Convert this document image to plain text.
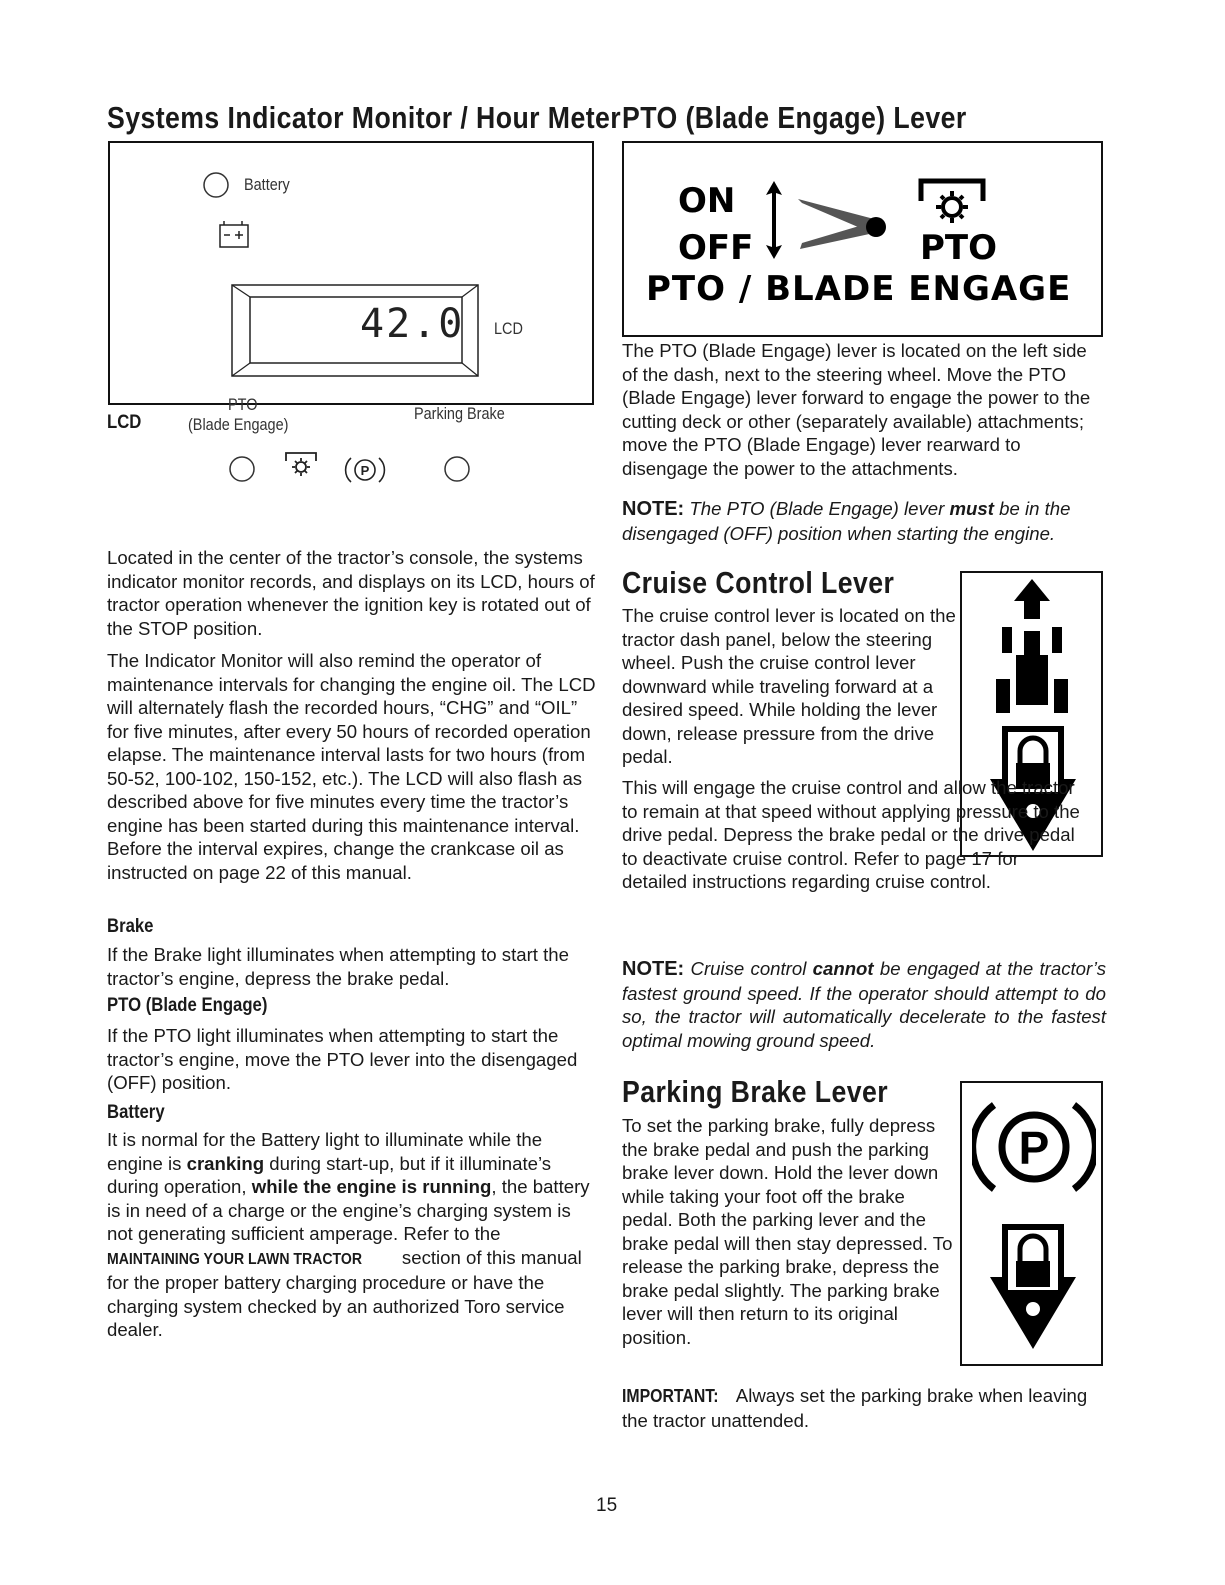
Systems Indicator Monitor / Hour Meter
Battery
42.0 LCD
PTO
(Blade Engage)
Parking Brake
P
LCD
Located in the center of the tractor’s console, the systems indicator monitor records, and displays on its LCD, hours of tractor operation whenever the ignition key is rotated out of the STOP position.
The Indicator Monitor will also remind the operator of maintenance intervals for changing the engine oil. The LCD will alternately flash the recorded hours, “CHG” and “OIL” for five minutes, after every 50 hours of recorded operation elapse. The maintenance interval lasts for two hours (from 50-52, 100-102, 150-152, etc.). The LCD will also flash as described above for five minutes every time the tractor’s engine has been started during this maintenance interval. Before the interval expires, change the crankcase oil as instructed on page 22 of this manual.
Brake
If the Brake light illuminates when attempting to start the tractor’s engine, depress the brake pedal.
PTO (Blade Engage)
If the PTO light illuminates when attempting to start the tractor’s engine, move the PTO lever into the disengaged (OFF) position.
Battery
It is normal for the Battery light to illuminate while the engine is cranking during start-up, but if it illuminate’s during operation, while the engine is running, the battery is in need of a charge or the engine’s charging system is not generating sufficient amperage. Refer to the MAINTAINING YOUR LAWN TRACTOR section of this manual for the proper battery charging procedure or have the charging system checked by an authorized Toro service dealer.
PTO (Blade Engage) Lever
ON
OFF	PTO
PTO / BLADE ENGAGE
The PTO (Blade Engage) lever is located on the left side of the dash, next to the steering wheel. Move the PTO (Blade Engage) lever forward to engage the power to the cutting deck or other (separately available) attachments; move the PTO (Blade Engage) lever rearward to disengage the power to the attachments.
NOTE: The PTO (Blade Engage) lever must be in the disengaged (OFF) position when starting the engine.
Cruise Control Lever
The cruise control lever is located on the tractor dash panel, below the steering wheel. Push the cruise control lever downward while traveling forward at a desired speed. While holding the lever down, release pressure from the drive pedal.
This will engage the cruise control and allow the tractor to remain at that speed without applying pressure to the drive pedal. Depress the brake pedal or the drive pedal to deactivate cruise control. Refer to page 17 for detailed instructions regarding cruise control.
NOTE: Cruise control cannot be engaged at the tractor’s fastest ground speed. If the operator should attempt to do so, the tractor will automatically decelerate to the fastest optimal mowing ground speed.
Parking Brake Lever
P
To set the parking brake, fully depress the brake pedal and push the parking brake lever down. Hold the lever down while taking your foot off the brake pedal. Both the parking lever and the brake pedal will then stay depressed. To release the parking brake, depress the brake pedal slightly. The parking brake lever will then return to its original position.
IMPORTANT: Always set the parking brake when leaving the tractor unattended.
15
